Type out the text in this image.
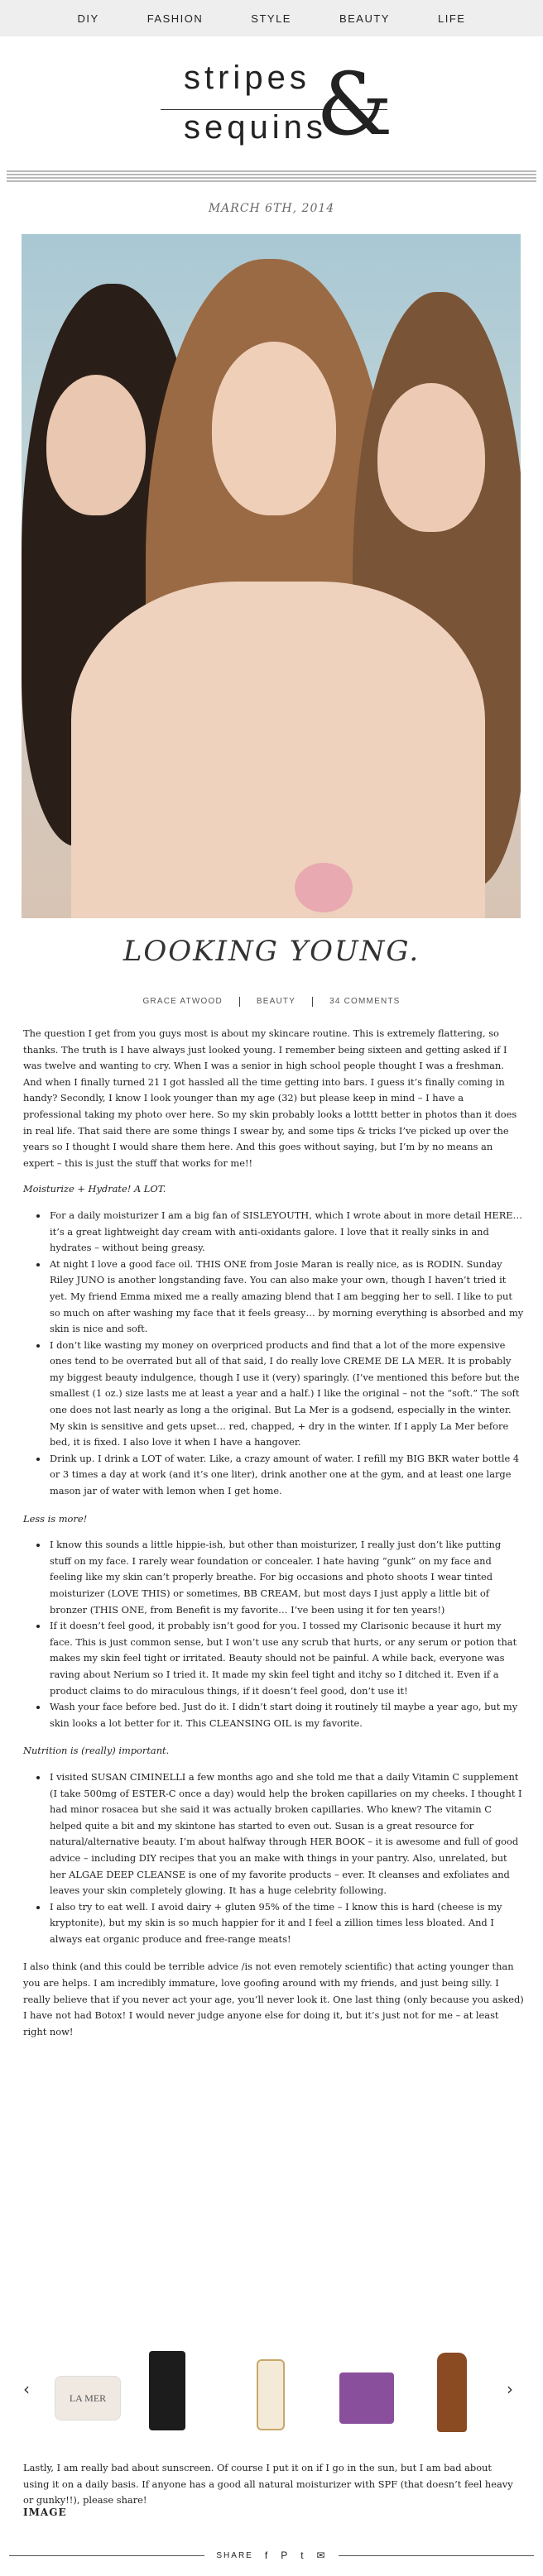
DIY	FASHION	STYLE	BEAUTY	LIFE
stripes
sequins
&
MARCH 6TH, 2014
LOOKING YOUNG.
GRACE ATWOOD	BEAUTY	34 COMMENTS

The question I get from you guys most is about my skincare routine. This is extremely flattering, so thanks. The truth is I have always just looked young. I remember being sixteen and getting asked if I was twelve and wanting to cry. When I was a senior in high school people thought I was a freshman. And when I finally turned 21 I got hassled all the time getting into bars. I guess it’s finally coming in handy? Secondly, I know I look younger than my age (32) but please keep in mind – I have a professional taking my photo over here. So my skin probably looks a lotttt better in photos than it does in real life. That said there are some things I swear by, and some tips & tricks I’ve picked up over the years so I thought I would share them here. And this goes without saying, but I’m by no means an expert – this is just the stuff that works for me!!

Moisturize + Hydrate! A LOT.
For a daily moisturizer I am a big fan of SISLEYOUTH, which I wrote about in more detail HERE… it’s a great lightweight day cream with anti-oxidants galore. I love that it really sinks in and hydrates – without being greasy.
At night I love a good face oil. THIS ONE from Josie Maran is really nice, as is RODIN. Sunday Riley JUNO is another longstanding fave. You can also make your own, though I haven’t tried it yet. My friend Emma mixed me a really amazing blend that I am begging her to sell. I like to put so much on after washing my face that it feels greasy… by morning everything is absorbed and my skin is nice and soft.
I don’t like wasting my money on overpriced products and find that a lot of the more expensive ones tend to be overrated but all of that said, I do really love CREME DE LA MER. It is probably my biggest beauty indulgence, though I use it (very) sparingly. (I’ve mentioned this before but the smallest (1 oz.) size lasts me at least a year and a half.) I like the original – not the “soft.” The soft one does not last nearly as long a the original. But La Mer is a godsend, especially in the winter. My skin is sensitive and gets upset… red, chapped, + dry in the winter. If I apply La Mer before bed, it is fixed. I also love it when I have a hangover.
Drink up. I drink a LOT of water. Like, a crazy amount of water. I refill my BIG BKR water bottle 4 or 3 times a day at work (and it’s one liter), drink another one at the gym, and at least one large mason jar of water with lemon when I get home.
Less is more!
I know this sounds a little hippie-ish, but other than moisturizer, I really just don’t like putting stuff on my face. I rarely wear foundation or concealer. I hate having “gunk” on my face and feeling like my skin can’t properly breathe. For big occasions and photo shoots I wear tinted moisturizer (LOVE THIS) or sometimes, BB CREAM, but most days I just apply a little bit of bronzer (THIS ONE, from Benefit is my favorite… I’ve been using it for ten years!)
If it doesn’t feel good, it probably isn’t good for you. I tossed my Clarisonic because it hurt my face. This is just common sense, but I won’t use any scrub that hurts, or any serum or potion that makes my skin feel tight or irritated. Beauty should not be painful. A while back, everyone was raving about Nerium so I tried it. It made my skin feel tight and itchy so I ditched it. Even if a product claims to do miraculous things, if it doesn’t feel good, don’t use it!
Wash your face before bed. Just do it. I didn’t start doing it routinely til maybe a year ago, but my skin looks a lot better for it. This CLEANSING OIL is my favorite.
Nutrition is (really) important.
I visited SUSAN CIMINELLI a few months ago and she told me that a daily Vitamin C supplement (I take 500mg of ESTER-C once a day) would help the broken capillaries on my cheeks. I thought I had minor rosacea but she said it was actually broken capillaries. Who knew? The vitamin C helped quite a bit and my skintone has started to even out. Susan is a great resource for natural/alternative beauty. I’m about halfway through HER BOOK – it is awesome and full of good advice – including DIY recipes that you an make with things in your pantry. Also, unrelated, but her ALGAE DEEP CLEANSE is one of my favorite products – ever. It cleanses and exfoliates and leaves your skin completely glowing. It has a huge celebrity following.
I also try to eat well. I avoid dairy + gluten 95% of the time – I know this is hard (cheese is my kryptonite), but my skin is so much happier for it and I feel a zillion times less bloated. And I always eat organic produce and free-range meats!

I also think (and this could be terrible advice /is not even remotely scientific) that acting younger than you are helps. I am incredibly immature, love goofing around with my friends, and just being silly. I really believe that if you never act your age, you’ll never look it. One last thing (only because you asked) I have not had Botox! I would never judge anyone else for doing it, but it’s just not for me – at least right now!

‹	LA MER	›

Lastly, I am really bad about sunscreen. Of course I put it on if I go in the sun, but I am bad about using it on a daily basis. If anyone has a good all natural moisturizer with SPF (that doesn’t feel heavy or gunky!!), please share!

IMAGE
SHARE f P t ✉
